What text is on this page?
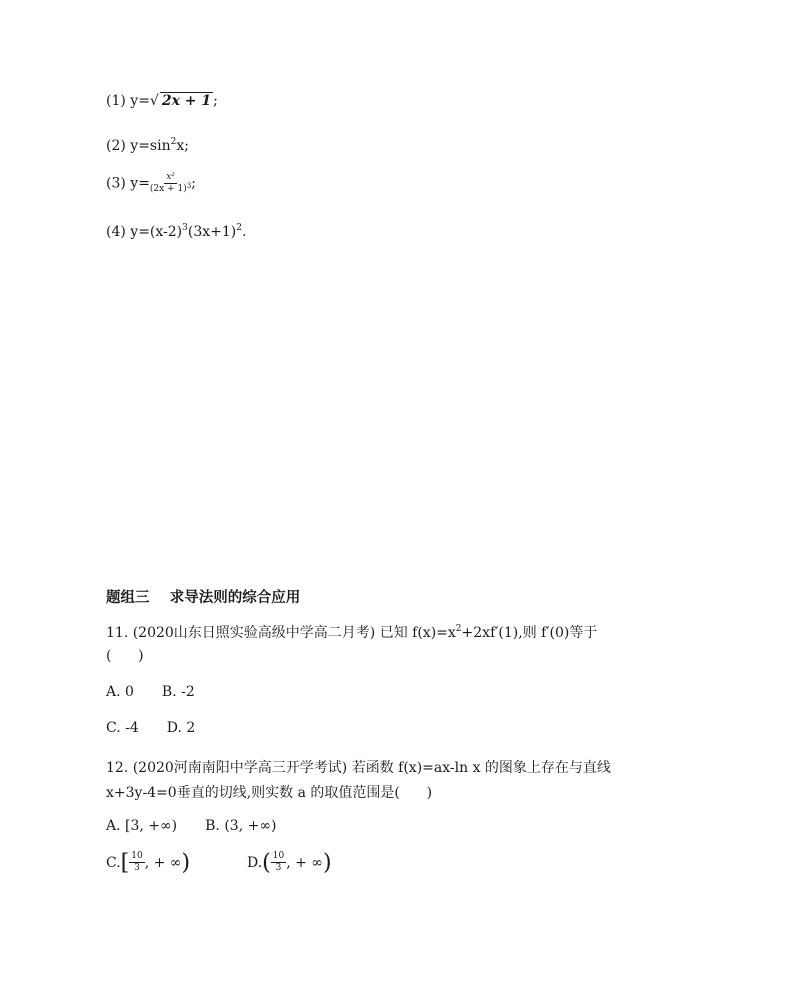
(1) y=√ 2x + 1 ;
(2) $y=\sin^2x$;
(3) $y= \frac{\text{x²}}{(2x + 1)^3}$ ;
(4) $y=(x-2)^3(3x+1)^2$.
题组三    求导法则的综合应用
11. (2020山东日照实验高级中学高二月考) 已知 $f(x)=x^2+2xf'(1)$,则 f′(0)等于
(      )
A. 0 B. -2
C. -4 D. 2
12. (2020河南南阳中学高三开学考试) 若函数 f(x)=ax-ln x 的图象上存在与直线
x+3y-4=0垂直的切线,则实数 a 的取值范围是(      )
A. [3, +∞) B. (3, +∞)
$C.[ \frac{10}{3}$ , + ∞)	$D.( \frac{10}{3}$ , + ∞)
